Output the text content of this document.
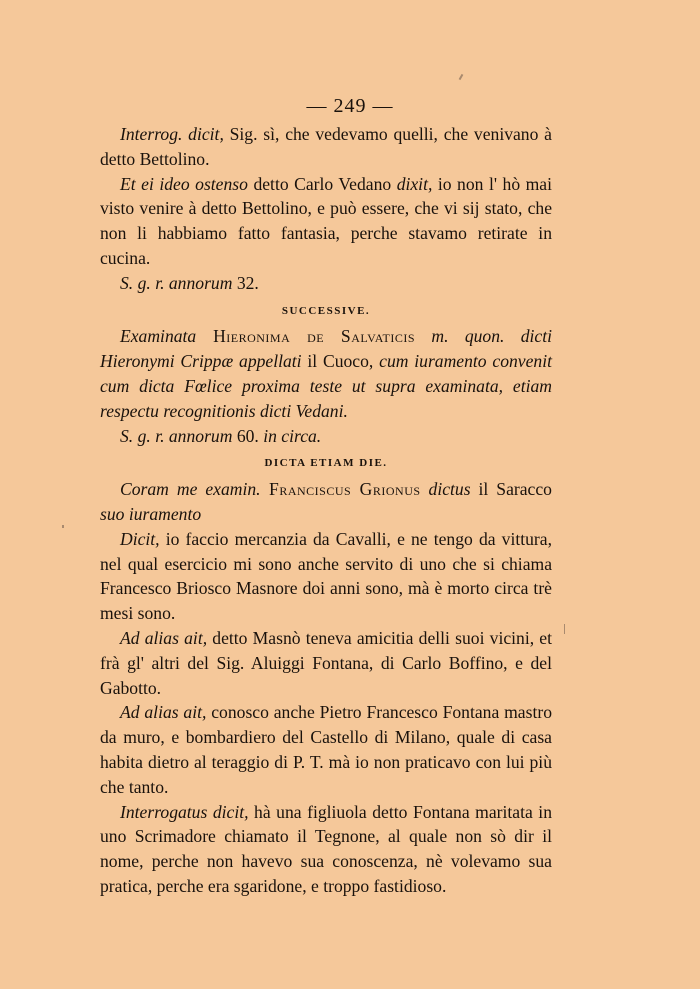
— 249 —

Interrog. dicit, Sig. sì, che vedevamo quelli, che venivano à detto Bettolino.

Et ei ideo ostenso detto Carlo Vedano dixit, io non l' hò mai visto venire à detto Bettolino, e può essere, che vi sij stato, che non li habbiamo fatto fantasia, perche stavamo retirate in cucina.

S. g. r. annorum 32.

SUCCESSIVE.

Examinata Hieronima de Salvaticis m. quon. dicti Hieronymi Crippæ appellati il Cuoco, cum iuramento convenit cum dicta Fœlice proxima teste ut supra examinata, etiam respectu recognitionis dicti Vedani.

S. g. r. annorum 60. in circa.

DICTA ETIAM DIE.

Coram me examin. Franciscus Grionus dictus il Saracco suo iuramento

Dicit, io faccio mercanzia da Cavalli, e ne tengo da vittura, nel qual esercicio mi sono anche servito di uno che si chiama Francesco Briosco Masnore doi anni sono, mà è morto circa trè mesi sono.

Ad alias ait, detto Masnò teneva amicitia delli suoi vicini, et frà gl' altri del Sig. Aluiggi Fontana, di Carlo Boffino, e del Gabotto.

Ad alias ait, conosco anche Pietro Francesco Fontana mastro da muro, e bombardiero del Castello di Milano, quale di casa habita dietro al teraggio di P. T. mà io non praticavo con lui più che tanto.

Interrogatus dicit, hà una figliuola detto Fontana maritata in uno Scrimadore chiamato il Tegnone, al quale non sò dir il nome, perche non havevo sua conoscenza, nè volevamo sua pratica, perche era sgaridone, e troppo fastidioso.
